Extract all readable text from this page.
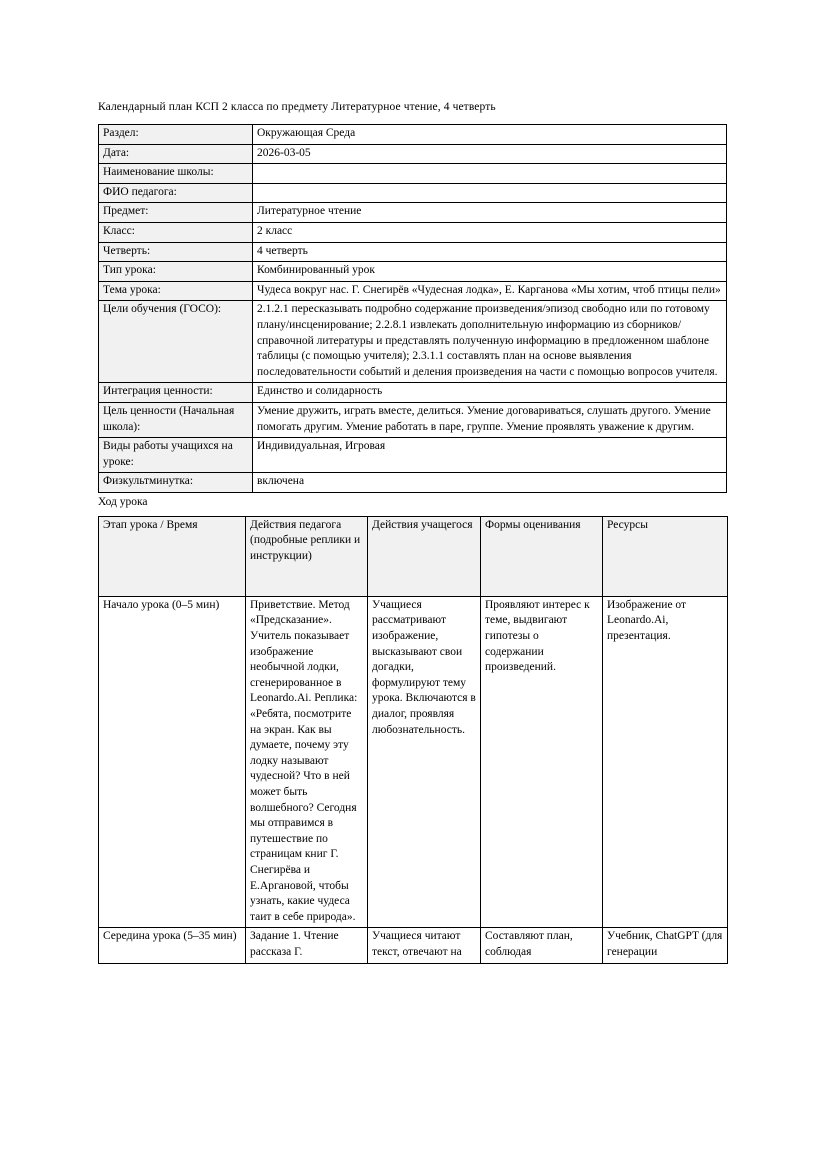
Календарный план КСП 2 класса по предмету Литературное чтение, 4 четверть
Раздел:	Окружающая Среда
Дата:	2026-03-05
Наименование школы:	
ФИО педагога:	
Предмет:	Литературное чтение
Класс:	2 класс
Четверть:	4 четверть
Тип урока:	Комбинированный урок
Тема урока:	Чудеса вокруг нас. Г. Снегирёв «Чудесная лодка», Е. Карганова «Мы хотим, чтоб птицы пели»
Цели обучения (ГОСО):	2.1.2.1 пересказывать подробно содержание произведения/эпизод свободно или по готовому плану/инсценирование; 2.2.8.1 извлекать дополнительную информацию из сборников/справочной литературы и представлять полученную информацию в предложенном шаблоне таблицы (с помощью учителя); 2.3.1.1 составлять план на основе выявления последовательности событий и деления произведения на части с помощью вопросов учителя.
Интеграция ценности:	Единство и солидарность
Цель ценности (Начальная школа):	Умение дружить, играть вместе, делиться. Умение договариваться, слушать другого. Умение помогать другим. Умение работать в паре, группе. Умение проявлять уважение к другим.
Виды работы учащихся на уроке:	Индивидуальная, Игровая
Физкультминутка:	включена
Ход урока
Этап урока / Время	Действия педагога (подробные реплики и инструкции)	Действия учащегося	Формы оценивания	Ресурсы
Начало урока (0–5 мин)	Приветствие. Метод «Предсказание». Учитель показывает изображение необычной лодки, сгенерированное в Leonardo.Ai. Реплика: «Ребята, посмотрите на экран. Как вы думаете, почему эту лодку называют чудесной? Что в ней может быть волшебного? Сегодня мы отправимся в путешествие по страницам книг Г. Снегирёва и Е.Аргановой, чтобы узнать, какие чудеса таит в себе природа».	Учащиеся рассматривают изображение, высказывают свои догадки, формулируют тему урока. Включаются в диалог, проявляя любознательность.	Проявляют интерес к теме, выдвигают гипотезы о содержании произведений.	Изображение от Leonardo.Ai, презентация.
Середина урока (5–35 мин)	Задание 1. Чтение рассказа Г.	Учащиеся читают текст, отвечают на	Составляют план, соблюдая	Учебник, ChatGPT (для генерации
